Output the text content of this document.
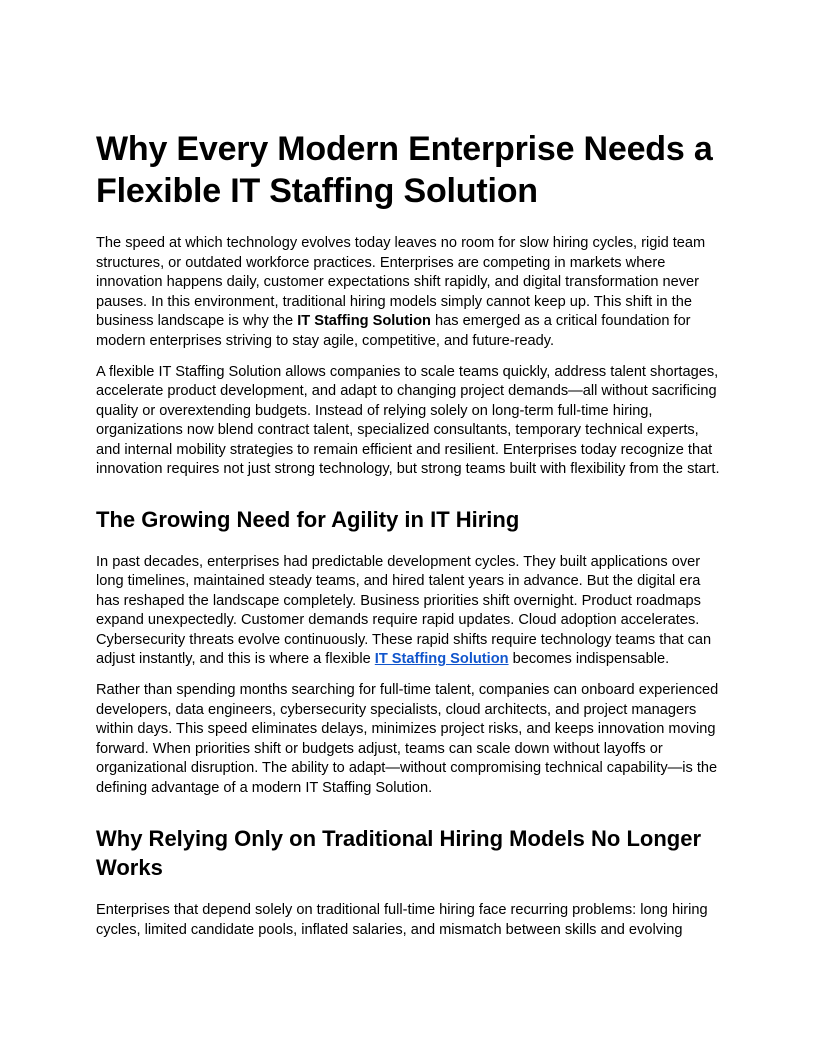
Why Every Modern Enterprise Needs a Flexible IT Staffing Solution

The speed at which technology evolves today leaves no room for slow hiring cycles, rigid team structures, or outdated workforce practices. Enterprises are competing in markets where innovation happens daily, customer expectations shift rapidly, and digital transformation never pauses. In this environment, traditional hiring models simply cannot keep up. This shift in the business landscape is why the IT Staffing Solution has emerged as a critical foundation for modern enterprises striving to stay agile, competitive, and future-ready.

A flexible IT Staffing Solution allows companies to scale teams quickly, address talent shortages, accelerate product development, and adapt to changing project demands—all without sacrificing quality or overextending budgets. Instead of relying solely on long-term full-time hiring, organizations now blend contract talent, specialized consultants, temporary technical experts, and internal mobility strategies to remain efficient and resilient. Enterprises today recognize that innovation requires not just strong technology, but strong teams built with flexibility from the start.

The Growing Need for Agility in IT Hiring

In past decades, enterprises had predictable development cycles. They built applications over long timelines, maintained steady teams, and hired talent years in advance. But the digital era has reshaped the landscape completely. Business priorities shift overnight. Product roadmaps expand unexpectedly. Customer demands require rapid updates. Cloud adoption accelerates. Cybersecurity threats evolve continuously. These rapid shifts require technology teams that can adjust instantly, and this is where a flexible IT Staffing Solution becomes indispensable.

Rather than spending months searching for full-time talent, companies can onboard experienced developers, data engineers, cybersecurity specialists, cloud architects, and project managers within days. This speed eliminates delays, minimizes project risks, and keeps innovation moving forward. When priorities shift or budgets adjust, teams can scale down without layoffs or organizational disruption. The ability to adapt—without compromising technical capability—is the defining advantage of a modern IT Staffing Solution.

Why Relying Only on Traditional Hiring Models No Longer Works

Enterprises that depend solely on traditional full-time hiring face recurring problems: long hiring cycles, limited candidate pools, inflated salaries, and mismatch between skills and evolving
